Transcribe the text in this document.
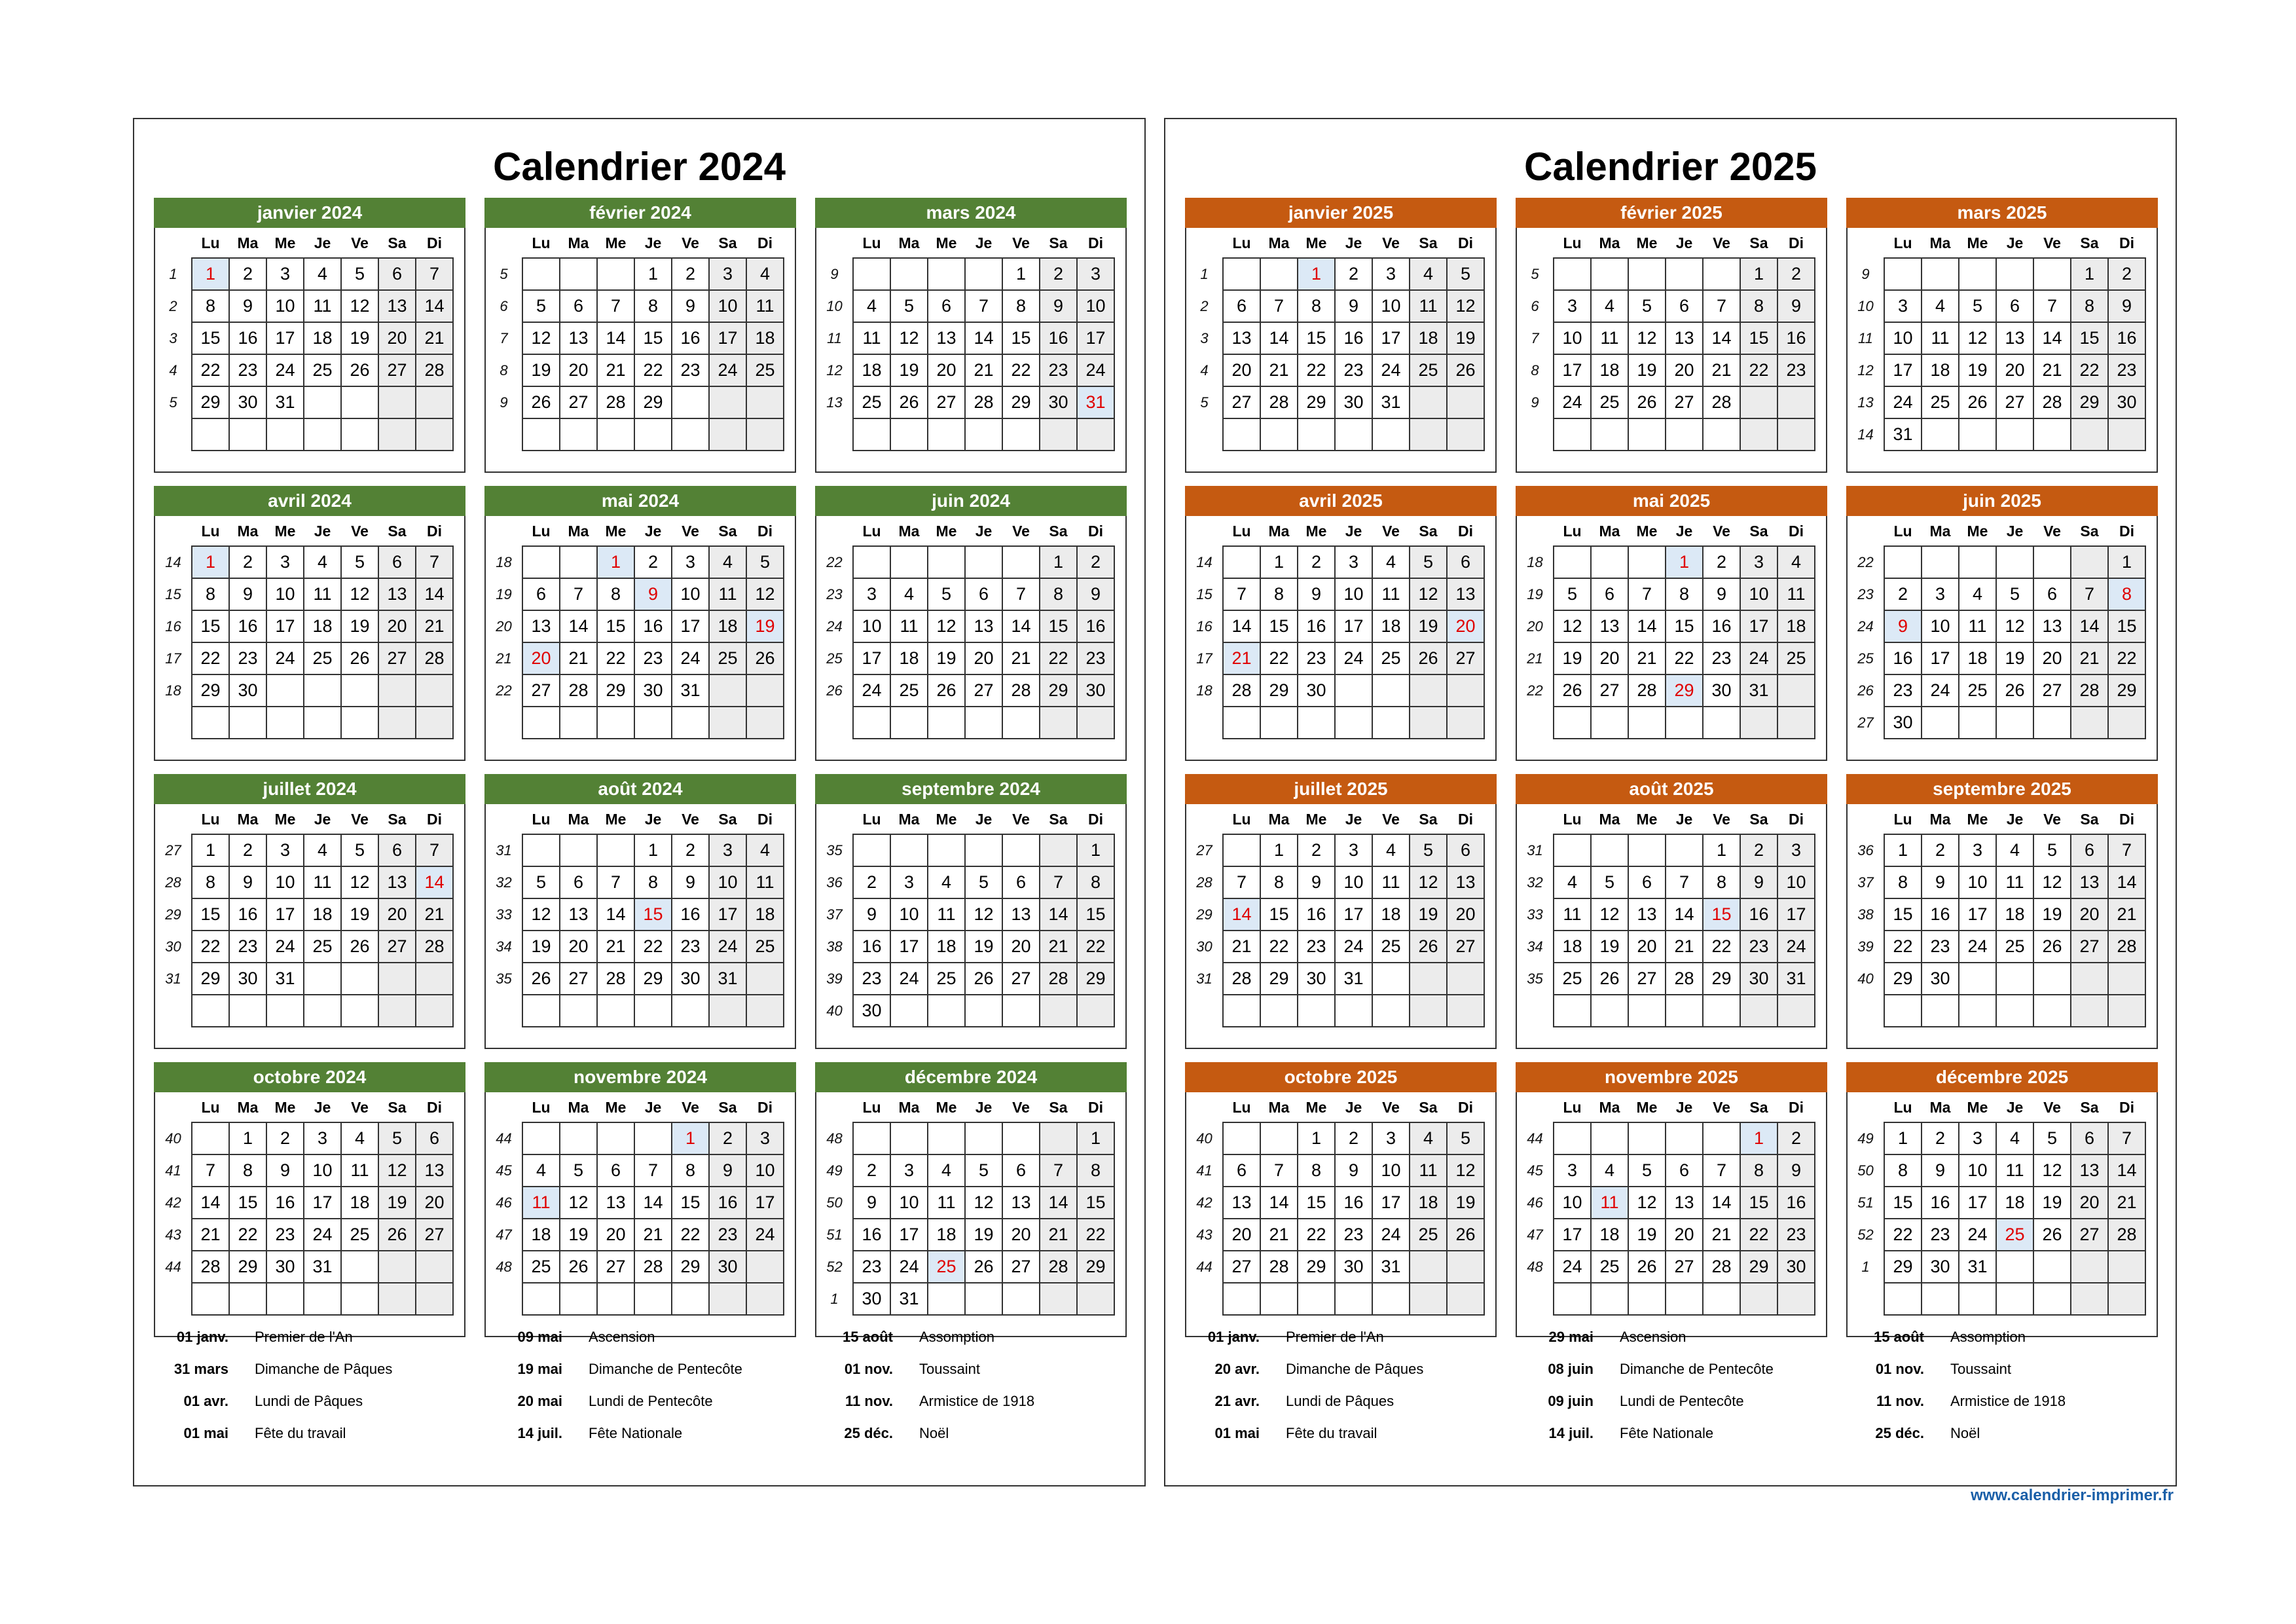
Calendrier 2024
janvier 2024

	Lu	Ma	Me	Je	Ve	Sa	Di
1	1	2	3	4	5	6	7
2	8	9	10	11	12	13	14
3	15	16	17	18	19	20	21
4	22	23	24	25	26	27	28
5	29	30	31				

février 2024

	Lu	Ma	Me	Je	Ve	Sa	Di
5				1	2	3	4
6	5	6	7	8	9	10	11
7	12	13	14	15	16	17	18
8	19	20	21	22	23	24	25
9	26	27	28	29			

mars 2024

	Lu	Ma	Me	Je	Ve	Sa	Di
9					1	2	3
10	4	5	6	7	8	9	10
11	11	12	13	14	15	16	17
12	18	19	20	21	22	23	24
13	25	26	27	28	29	30	31

avril 2024

	Lu	Ma	Me	Je	Ve	Sa	Di
14	1	2	3	4	5	6	7
15	8	9	10	11	12	13	14
16	15	16	17	18	19	20	21
17	22	23	24	25	26	27	28
18	29	30					

mai 2024

	Lu	Ma	Me	Je	Ve	Sa	Di
18			1	2	3	4	5
19	6	7	8	9	10	11	12
20	13	14	15	16	17	18	19
21	20	21	22	23	24	25	26
22	27	28	29	30	31		

juin 2024

	Lu	Ma	Me	Je	Ve	Sa	Di
22						1	2
23	3	4	5	6	7	8	9
24	10	11	12	13	14	15	16
25	17	18	19	20	21	22	23
26	24	25	26	27	28	29	30

juillet 2024

	Lu	Ma	Me	Je	Ve	Sa	Di
27	1	2	3	4	5	6	7
28	8	9	10	11	12	13	14
29	15	16	17	18	19	20	21
30	22	23	24	25	26	27	28
31	29	30	31				

août 2024

	Lu	Ma	Me	Je	Ve	Sa	Di
31				1	2	3	4
32	5	6	7	8	9	10	11
33	12	13	14	15	16	17	18
34	19	20	21	22	23	24	25
35	26	27	28	29	30	31	

septembre 2024

	Lu	Ma	Me	Je	Ve	Sa	Di
35							1
36	2	3	4	5	6	7	8
37	9	10	11	12	13	14	15
38	16	17	18	19	20	21	22
39	23	24	25	26	27	28	29
40	30						
octobre 2024

	Lu	Ma	Me	Je	Ve	Sa	Di
40		1	2	3	4	5	6
41	7	8	9	10	11	12	13
42	14	15	16	17	18	19	20
43	21	22	23	24	25	26	27
44	28	29	30	31			

novembre 2024

	Lu	Ma	Me	Je	Ve	Sa	Di
44					1	2	3
45	4	5	6	7	8	9	10
46	11	12	13	14	15	16	17
47	18	19	20	21	22	23	24
48	25	26	27	28	29	30	

décembre 2024

	Lu	Ma	Me	Je	Ve	Sa	Di
48							1
49	2	3	4	5	6	7	8
50	9	10	11	12	13	14	15
51	16	17	18	19	20	21	22
52	23	24	25	26	27	28	29
1	30	31					
01 janv. Premier de l'An
31 mars Dimanche de Pâques
01 avr. Lundi de Pâques
01 mai Fête du travail
09 mai Ascension
19 mai Dimanche de Pentecôte
20 mai Lundi de Pentecôte
14 juil. Fête Nationale
15 août Assomption
01 nov. Toussaint
11 nov. Armistice de 1918
25 déc. Noël
Calendrier 2025
janvier 2025

	Lu	Ma	Me	Je	Ve	Sa	Di
1			1	2	3	4	5
2	6	7	8	9	10	11	12
3	13	14	15	16	17	18	19
4	20	21	22	23	24	25	26
5	27	28	29	30	31		

février 2025

	Lu	Ma	Me	Je	Ve	Sa	Di
5						1	2
6	3	4	5	6	7	8	9
7	10	11	12	13	14	15	16
8	17	18	19	20	21	22	23
9	24	25	26	27	28		

mars 2025

	Lu	Ma	Me	Je	Ve	Sa	Di
9						1	2
10	3	4	5	6	7	8	9
11	10	11	12	13	14	15	16
12	17	18	19	20	21	22	23
13	24	25	26	27	28	29	30
14	31						
avril 2025

	Lu	Ma	Me	Je	Ve	Sa	Di
14		1	2	3	4	5	6
15	7	8	9	10	11	12	13
16	14	15	16	17	18	19	20
17	21	22	23	24	25	26	27
18	28	29	30				

mai 2025

	Lu	Ma	Me	Je	Ve	Sa	Di
18				1	2	3	4
19	5	6	7	8	9	10	11
20	12	13	14	15	16	17	18
21	19	20	21	22	23	24	25
22	26	27	28	29	30	31	

juin 2025

	Lu	Ma	Me	Je	Ve	Sa	Di
22							1
23	2	3	4	5	6	7	8
24	9	10	11	12	13	14	15
25	16	17	18	19	20	21	22
26	23	24	25	26	27	28	29
27	30						
juillet 2025

	Lu	Ma	Me	Je	Ve	Sa	Di
27		1	2	3	4	5	6
28	7	8	9	10	11	12	13
29	14	15	16	17	18	19	20
30	21	22	23	24	25	26	27
31	28	29	30	31			

août 2025

	Lu	Ma	Me	Je	Ve	Sa	Di
31					1	2	3
32	4	5	6	7	8	9	10
33	11	12	13	14	15	16	17
34	18	19	20	21	22	23	24
35	25	26	27	28	29	30	31

septembre 2025

	Lu	Ma	Me	Je	Ve	Sa	Di
36	1	2	3	4	5	6	7
37	8	9	10	11	12	13	14
38	15	16	17	18	19	20	21
39	22	23	24	25	26	27	28
40	29	30					

octobre 2025

	Lu	Ma	Me	Je	Ve	Sa	Di
40			1	2	3	4	5
41	6	7	8	9	10	11	12
42	13	14	15	16	17	18	19
43	20	21	22	23	24	25	26
44	27	28	29	30	31		

novembre 2025

	Lu	Ma	Me	Je	Ve	Sa	Di
44						1	2
45	3	4	5	6	7	8	9
46	10	11	12	13	14	15	16
47	17	18	19	20	21	22	23
48	24	25	26	27	28	29	30

décembre 2025

	Lu	Ma	Me	Je	Ve	Sa	Di
49	1	2	3	4	5	6	7
50	8	9	10	11	12	13	14
51	15	16	17	18	19	20	21
52	22	23	24	25	26	27	28
1	29	30	31				

01 janv. Premier de l'An
20 avr. Dimanche de Pâques
21 avr. Lundi de Pâques
01 mai Fête du travail
29 mai Ascension
08 juin Dimanche de Pentecôte
09 juin Lundi de Pentecôte
14 juil. Fête Nationale
15 août Assomption
01 nov. Toussaint
11 nov. Armistice de 1918
25 déc. Noël
www.calendrier-imprimer.fr
